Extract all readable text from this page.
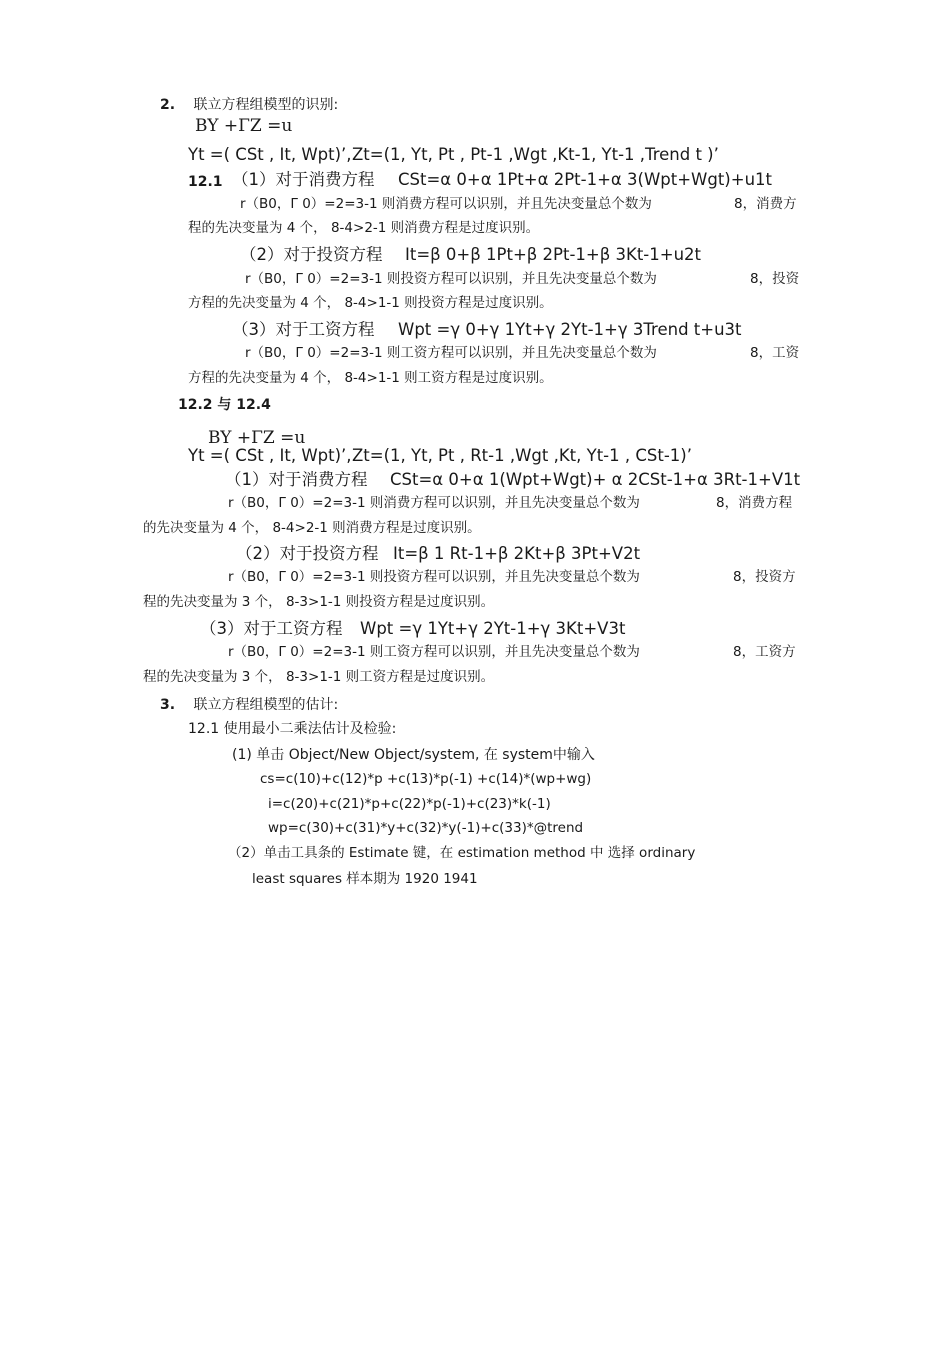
2. 联立方程组模型的识别:
BY +ΓZ =u
Yt =( CSt , It, Wpt)’, Zt=(1, Yt, Pt , Pt-1 ,Wgt ,Kt-1, Yt-1 ,Trend t )’
12.1 （1）对于消费方程 CSt=α 0+α 1Pt+α 2Pt-1+α 3(Wpt+Wgt)+u1t
r（B0，Γ 0）=2=3-1 则消费方程可以识别，并且先决变量总个数为	8，消费方
程的先决变量为 4 个， 8-4>2-1 则消费方程是过度识别。
（2）对于投资方程 It=β 0+β 1Pt+β 2Pt-1+β 3Kt-1+u2t
r（B0，Γ 0）=2=3-1 则投资方程可以识别，并且先决变量总个数为	8，投资
方程的先决变量为 4 个， 8-4>1-1 则投资方程是过度识别。
（3）对于工资方程 Wpt =γ 0+γ 1Yt+γ 2Yt-1+γ 3Trend t+u3t
r（B0，Γ 0）=2=3-1 则工资方程可以识别，并且先决变量总个数为	8，工资
方程的先决变量为 4 个， 8-4>1-1 则工资方程是过度识别。
12.2 与 12.4
BY +ΓZ =u
Yt =( CSt , It, Wpt)’, Zt=(1, Yt, Pt , Rt-1 ,Wgt ,Kt, Yt-1 , CSt-1)’
（1）对于消费方程 CSt=α 0+α 1(Wpt+Wgt)+ α 2CSt-1+α 3Rt-1+V1t
r（B0，Γ 0）=2=3-1 则消费方程可以识别，并且先决变量总个数为	8，消费方程
的先决变量为 4 个， 8-4>2-1 则消费方程是过度识别。
（2）对于投资方程 It=β 1 Rt-1+β 2Kt+β 3Pt+V2t
r（B0，Γ 0）=2=3-1 则投资方程可以识别，并且先决变量总个数为	8，投资方
程的先决变量为 3 个， 8-3>1-1 则投资方程是过度识别。
（3）对于工资方程 Wpt =γ 1Yt+γ 2Yt-1+γ 3Kt+V3t
r（B0，Γ 0）=2=3-1 则工资方程可以识别，并且先决变量总个数为	8，工资方
程的先决变量为 3 个， 8-3>1-1 则工资方程是过度识别。
3. 联立方程组模型的估计:
12.1 使用最小二乘法估计及检验:
(1) 单击 Object/New Object/system, 在 system中输入
cs=c(10)+c(12)*p +c(13)*p(-1) +c(14)*(wp+wg)
i=c(20)+c(21)*p+c(22)*p(-1)+c(23)*k(-1)
wp=c(30)+c(31)*y+c(32)*y(-1)+c(33)*@trend
（2）单击工具条的 Estimate 键，在 estimation method 中 选择 ordinary
least squares 样本期为 1920 1941
